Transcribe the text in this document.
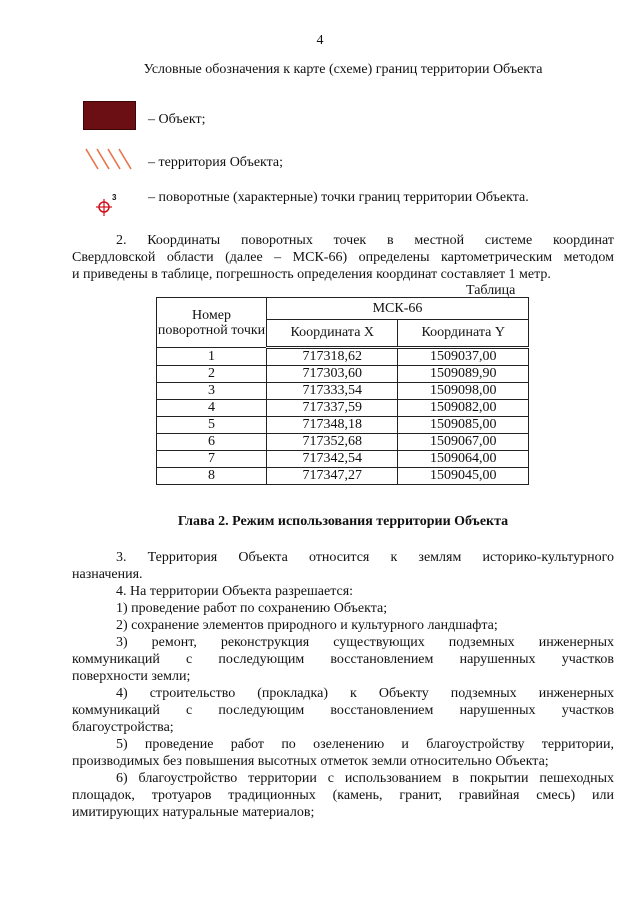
4
Условные обозначения к карте (схеме) границ территории Объекта
– Объект;
– территория Объекта;
3 – поворотные (характерные) точки границ территории Объекта.
2. Координаты поворотных точек в местной системе координат
Свердловской области (далее – МСК-66) определены картометрическим методом
и приведены в таблице, погрешность определения координат составляет 1 метр.
Таблица
Номер поворотной точки	МСК-66	
	Координата X	Координата Y
1	717318,62	1509037,00
2	717303,60	1509089,90
3	717333,54	1509098,00
4	717337,59	1509082,00
5	717348,18	1509085,00
6	717352,68	1509067,00
7	717342,54	1509064,00
8	717347,27	1509045,00
Глава 2. Режим использования территории Объекта
3. Территория Объекта относится к землям историко-культурного
назначения.
4. На территории Объекта разрешается:
1) проведение работ по сохранению Объекта;
2) сохранение элементов природного и культурного ландшафта;
3) ремонт, реконструкция существующих подземных инженерных
коммуникаций с последующим восстановлением нарушенных участков
поверхности земли;
4) строительство (прокладка) к Объекту подземных инженерных
коммуникаций с последующим восстановлением нарушенных участков
благоустройства;
5) проведение работ по озеленению и благоустройству территории,
производимых без повышения высотных отметок земли относительно Объекта;
6) благоустройство территории с использованием в покрытии пешеходных
площадок, тротуаров традиционных (камень, гранит, гравийная смесь) или
имитирующих натуральные материалов;
